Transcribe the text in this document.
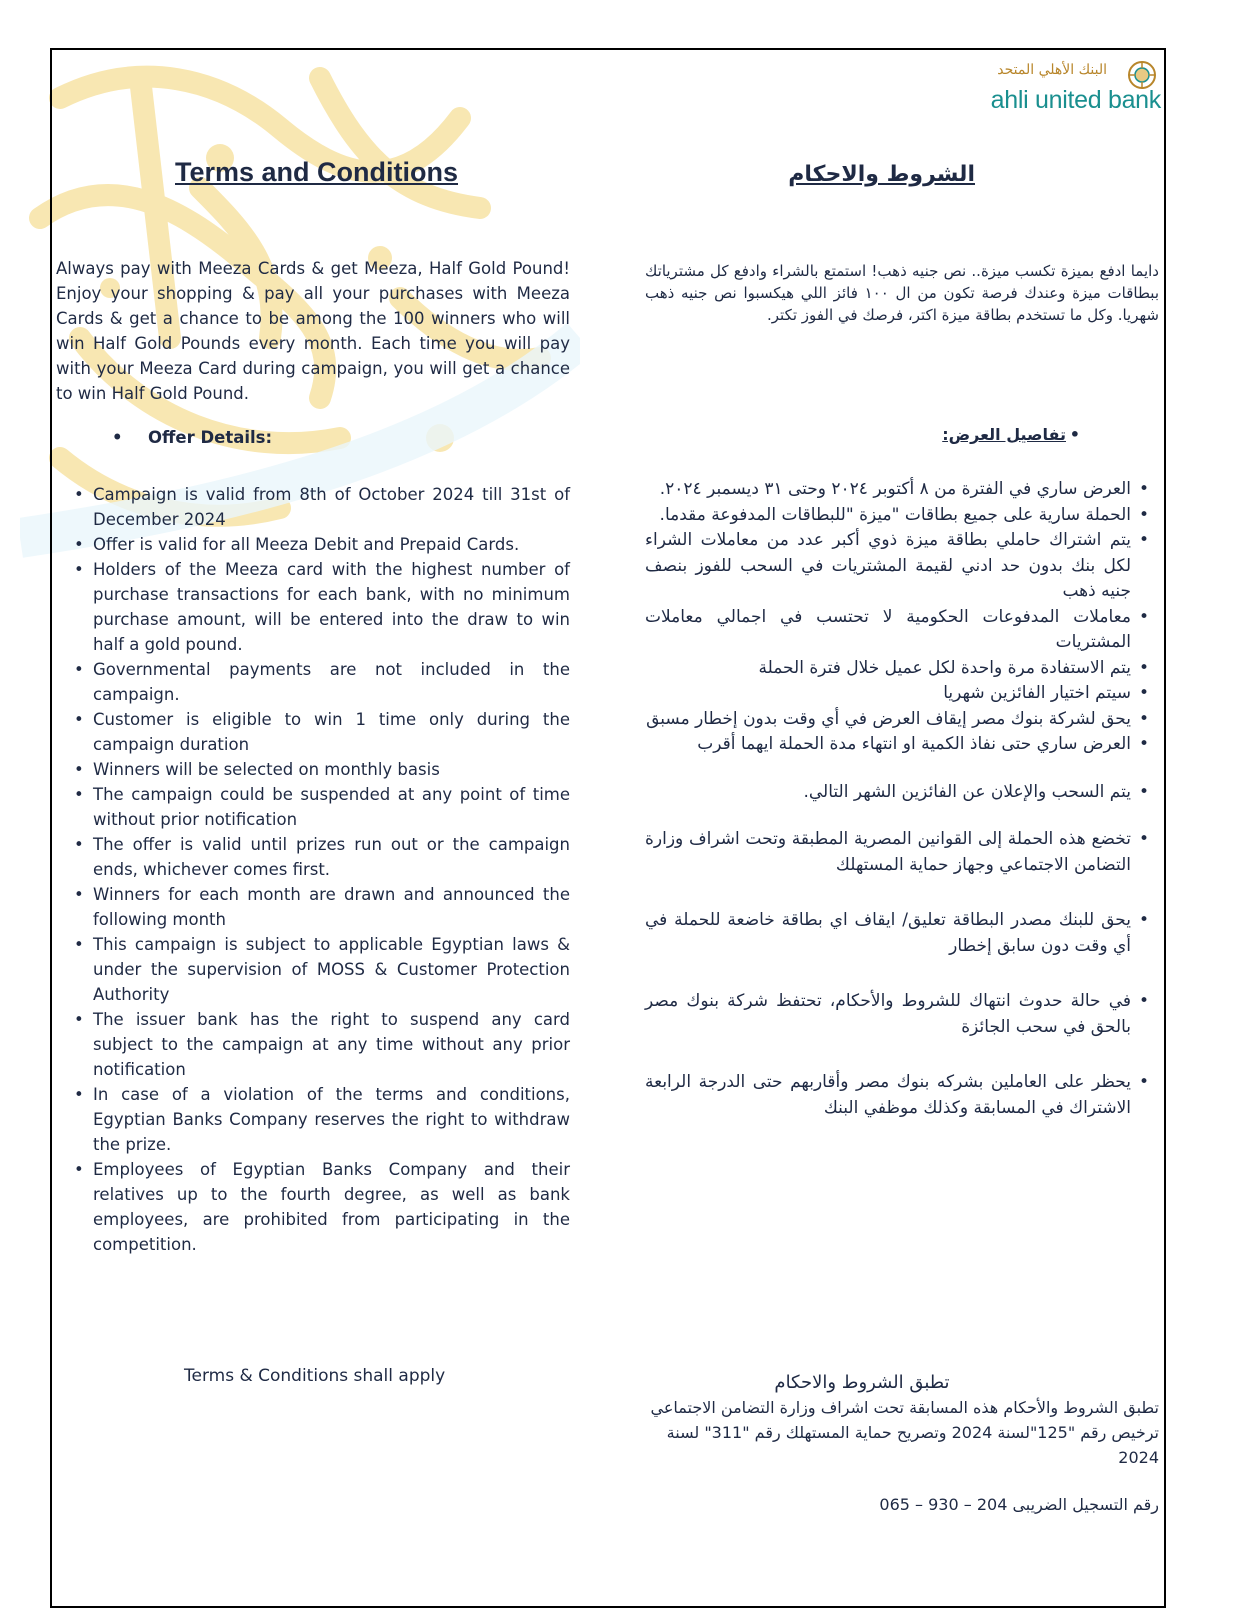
البنك الأهلي المتحد
ahli united bank
Terms and Conditions	الشروط والاحكام
Always pay with Meeza Cards & get Meeza, Half Gold Pound! Enjoy your shopping & pay all your purchases with Meeza Cards & get a chance to be among the 100 winners who will win Half Gold Pounds every month. Each time you will pay with your Meeza Card during campaign, you will get a chance to win Half Gold Pound.
• Offer Details:
• Campaign is valid from 8th of October 2024 till 31st of December 2024
• Offer is valid for all Meeza Debit and Prepaid Cards.
• Holders of the Meeza card with the highest number of purchase transactions for each bank, with no minimum purchase amount, will be entered into the draw to win half a gold pound.
• Governmental payments are not included in the campaign.
• Customer is eligible to win 1 time only during the campaign duration
• Winners will be selected on monthly basis
• The campaign could be suspended at any point of time without prior notification
• The offer is valid until prizes run out or the campaign ends, whichever comes first.
• Winners for each month are drawn and announced the following month
• This campaign is subject to applicable Egyptian laws & under the supervision of MOSS & Customer Protection Authority
• The issuer bank has the right to suspend any card subject to the campaign at any time without any prior notification
• In case of a violation of the terms and conditions, Egyptian Banks Company reserves the right to withdraw the prize.
• Employees of Egyptian Banks Company and their relatives up to the fourth degree, as well as bank employees, are prohibited from participating in the competition.
دايما ادفع بميزة تكسب ميزة.. نص جنيه ذهب! استمتع بالشراء وادفع كل مشترياتك ببطاقات ميزة وعندك فرصة تكون من ال ١٠٠ فائز اللي هيكسبوا نص جنيه ذهب شهريا. وكل ما تستخدم بطاقة ميزة اكتر، فرصك في الفوز تكتر.
•
تفاصيل العرض:
• العرض ساري في الفترة من ٨ أكتوبر ٢٠٢٤ وحتى ٣١ ديسمبر ٢٠٢٤.
• الحملة سارية على جميع بطاقات "ميزة "للبطاقات المدفوعة مقدما.
• يتم اشتراك حاملي بطاقة ميزة ذوي أكبر عدد من معاملات الشراء لكل بنك بدون حد ادني لقيمة المشتريات في السحب للفوز بنصف جنيه ذهب
• معاملات المدفوعات الحكومية لا تحتسب في اجمالي معاملات المشتريات
• يتم الاستفادة مرة واحدة لكل عميل خلال فترة الحملة
• سيتم اختيار الفائزين شهريا
• يحق لشركة بنوك مصر إيقاف العرض في أي وقت بدون إخطار مسبق
• العرض ساري حتى نفاذ الكمية او انتهاء مدة الحملة ايهما أقرب
• يتم السحب والإعلان عن الفائزين الشهر التالي.
• تخضع هذه الحملة إلى القوانين المصرية المطبقة وتحت اشراف وزارة التضامن الاجتماعي وجهاز حماية المستهلك
• يحق للبنك مصدر البطاقة تعليق/ ايقاف اي بطاقة خاضعة للحملة في أي وقت دون سابق إخطار
• في حالة حدوث انتهاك للشروط والأحكام، تحتفظ شركة بنوك مصر بالحق في سحب الجائزة
• يحظر على العاملين بشركه بنوك مصر وأقاربهم حتى الدرجة الرابعة الاشتراك في المسابقة وكذلك موظفي البنك
Terms & Conditions shall apply	تطبق الشروط والاحكام
تطبق الشروط والأحكام هذه المسابقة تحت اشراف وزارة التضامن الاجتماعي ترخيص رقم "125"لسنة 2024 وتصريح حماية المستهلك رقم "311" لسنة 2024
رقم التسجيل الضريبى 204 – 930 – 065
